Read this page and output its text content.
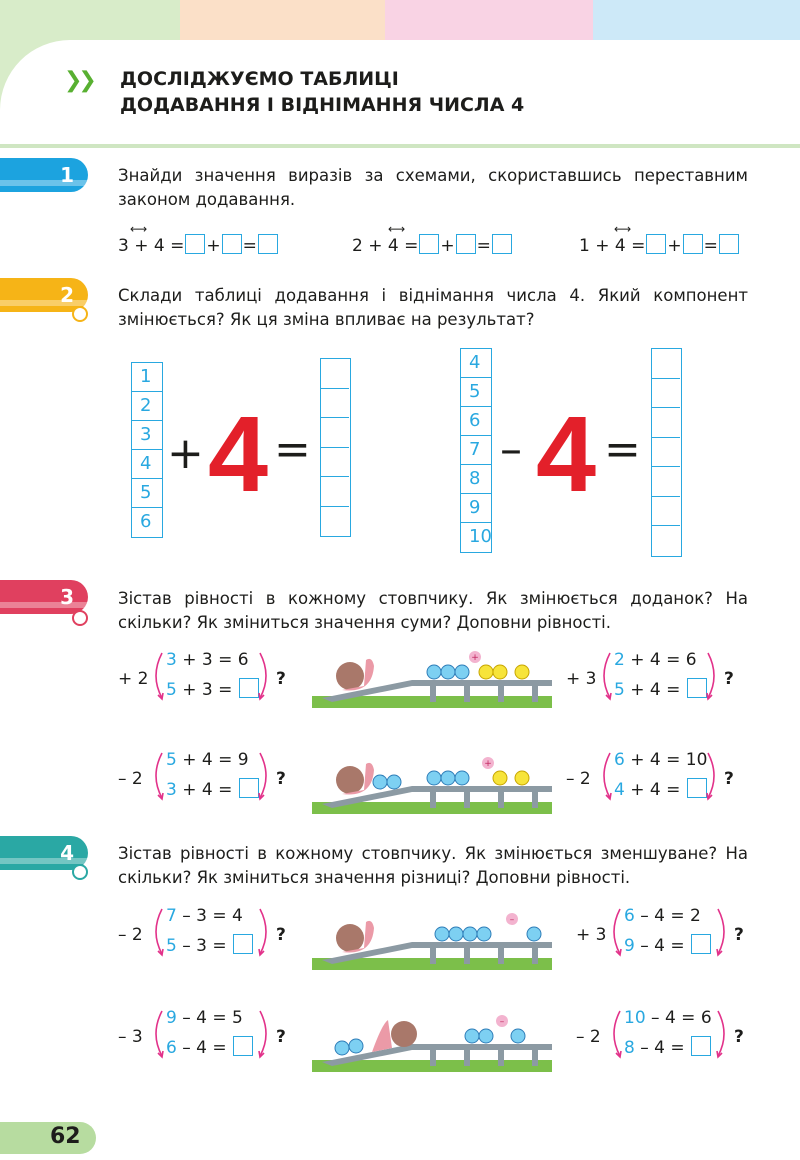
❯❯ ДОСЛІДЖУЄМО ТАБЛИЦІ
ДОДАВАННЯ І ВІДНІМАННЯ ЧИСЛА 4
1	Знайди значення виразів за схемами, скориставшись переставним законом додавання.
3 + 4 = + =
⟷
2 + 4 = + =
⟷
1 + 4 = + =
⟷
2	Склади таблиці додавання і віднімання числа 4. Який компонент змінюється? Як ця зміна впливає на результат?
1
2
3
4
5
6
+ 4 =
4
5
6
7
8
9
10
– 4 =
3	Зістав рівності в кожному стовпчику. Як змінюється доданок? На скільки? Як зміниться значення суми? Доповни рівності.
+ 2
3 + 3 = 6
5 + 3 =
?	+ 3
2 + 4 = 6
5 + 4 =
?
– 2
5 + 4 = 9
3 + 4 =
?	– 2
6 + 4 = 10
4 + 4 =
?
– 2
7 – 3 = 4
5 – 3 =
?	+ 3
6 – 4 = 2
9 – 4 =
?
– 3
9 – 4 = 5
6 – 4 =
?	– 2
10 – 4 = 6
8 – 4 =
?
4	Зістав рівності в кожному стовпчику. Як змінюється зменшуване? На скільки? Як зміниться значення різниці? Доповни рівності.
+
+
–
–
62
